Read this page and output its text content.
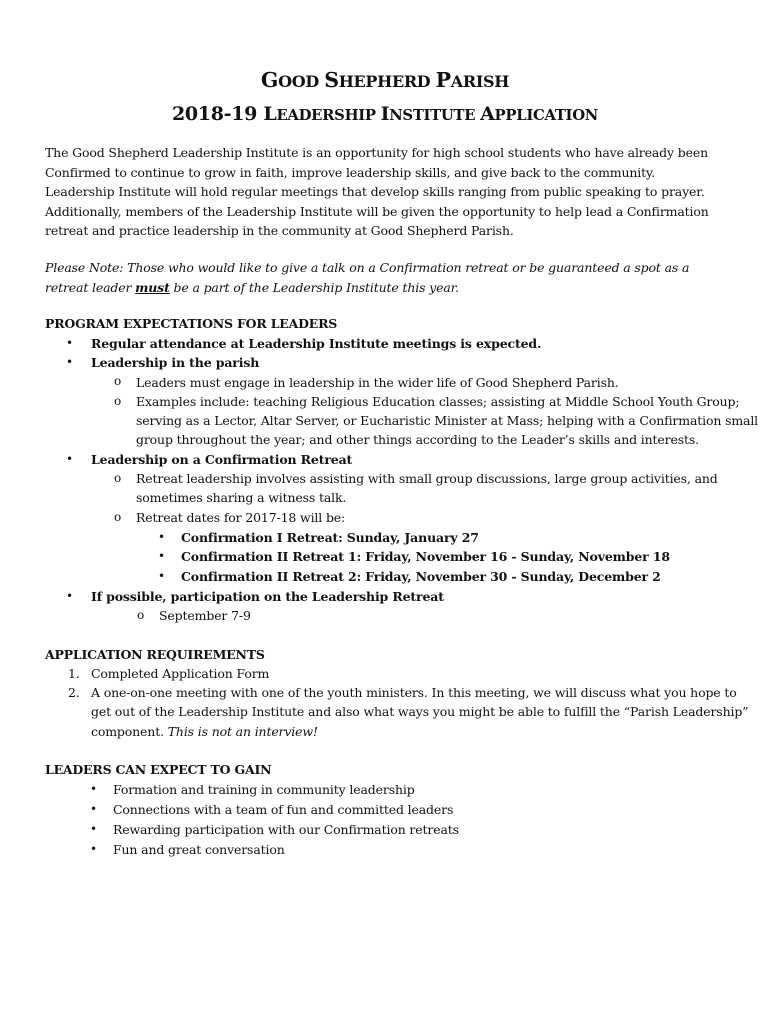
GOOD SHEPHERD PARISH
2018-19 LEADERSHIP INSTITUTE APPLICATION
The Good Shepherd Leadership Institute is an opportunity for high school students who have already been Confirmed to continue to grow in faith, improve leadership skills, and give back to the community. Leadership Institute will hold regular meetings that develop skills ranging from public speaking to prayer. Additionally, members of the Leadership Institute will be given the opportunity to help lead a Confirmation retreat and practice leadership in the community at Good Shepherd Parish.
Please Note: Those who would like to give a talk on a Confirmation retreat or be guaranteed a spot as a retreat leader must be a part of the Leadership Institute this year.
PROGRAM EXPECTATIONS FOR LEADERS
• Regular attendance at Leadership Institute meetings is expected.
• Leadership in the parish
o Leaders must engage in leadership in the wider life of Good Shepherd Parish.
o Examples include: teaching Religious Education classes; assisting at Middle School Youth Group;
serving as a Lector, Altar Server, or Eucharistic Minister at Mass; helping with a Confirmation small
group throughout the year; and other things according to the Leader’s skills and interests.
• Leadership on a Confirmation Retreat
o Retreat leadership involves assisting with small group discussions, large group activities, and
sometimes sharing a witness talk.
o Retreat dates for 2017-18 will be:
• Confirmation I Retreat: Sunday, January 27
• Confirmation II Retreat 1: Friday, November 16 - Sunday, November 18
• Confirmation II Retreat 2: Friday, November 30 - Sunday, December 2
• If possible, participation on the Leadership Retreat
o September 7-9
APPLICATION REQUIREMENTS
1. Completed Application Form
2. A one-on-one meeting with one of the youth ministers. In this meeting, we will discuss what you hope to
get out of the Leadership Institute and also what ways you might be able to fulfill the “Parish Leadership”
component. This is not an interview!
LEADERS CAN EXPECT TO GAIN
• Formation and training in community leadership
• Connections with a team of fun and committed leaders
• Rewarding participation with our Confirmation retreats
• Fun and great conversation
